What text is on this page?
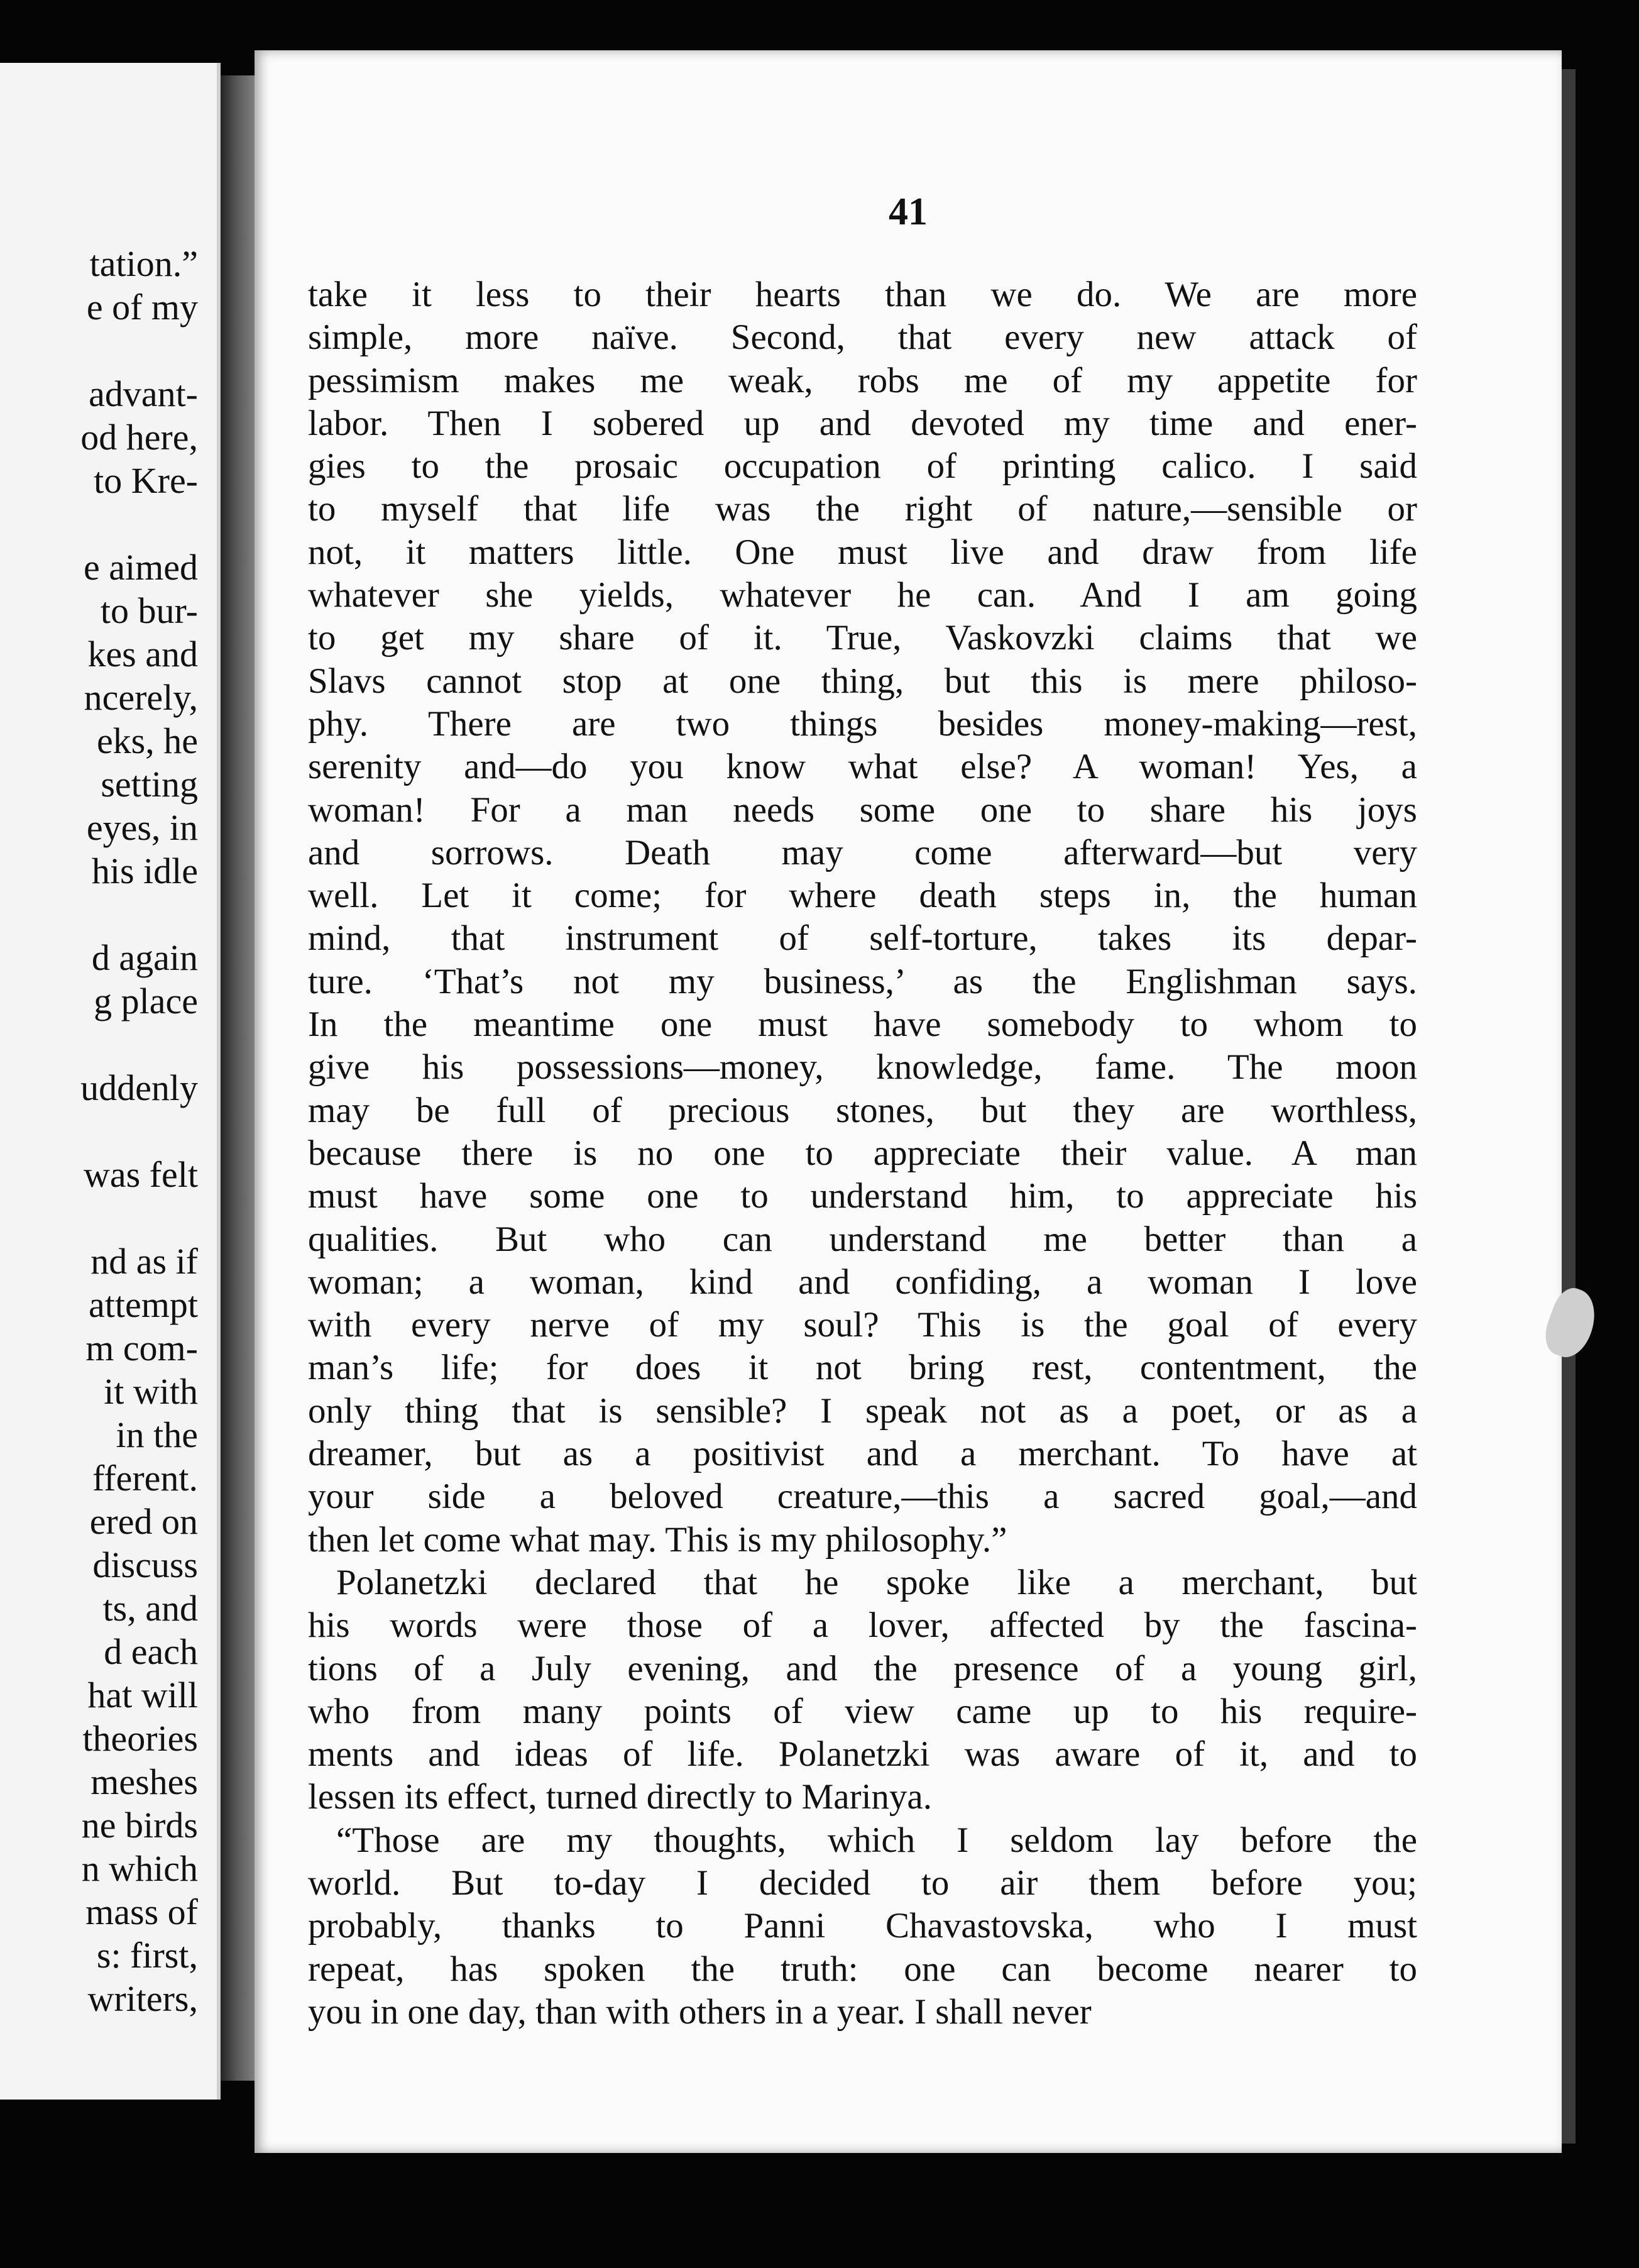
tation.”
e of my
advant-
od here,
to Kre-
e aimed
to bur-
kes and
ncerely,
eks, he
setting
eyes, in
his idle
d again
g place
uddenly
was felt
nd as if
attempt
m com-
it with
in the
fferent.
ered on
discuss
ts, and
d each
hat will
theories
meshes
ne birds
n which
mass of
s: first,
writers,
41
take it less to their hearts than we do. We are more
simple, more naïve. Second, that every new attack of
pessimism makes me weak, robs me of my appetite for
labor. Then I sobered up and devoted my time and ener-
gies to the prosaic occupation of printing calico. I said
to myself that life was the right of nature,—sensible or
not, it matters little. One must live and draw from life
whatever she yields, whatever he can. And I am going
to get my share of it. True, Vaskovzki claims that we
Slavs cannot stop at one thing, but this is mere philoso-
phy. There are two things besides money-making—rest,
serenity and—do you know what else? A woman! Yes, a
woman! For a man needs some one to share his joys
and sorrows. Death may come afterward—but very
well. Let it come; for where death steps in, the human
mind, that instrument of self-torture, takes its depar-
ture. ‘That’s not my business,’ as the Englishman says.
In the meantime one must have somebody to whom to
give his possessions—money, knowledge, fame. The moon
may be full of precious stones, but they are worthless,
because there is no one to appreciate their value. A man
must have some one to understand him, to appreciate his
qualities. But who can understand me better than a
woman; a woman, kind and confiding, a woman I love
with every nerve of my soul? This is the goal of every
man’s life; for does it not bring rest, contentment, the
only thing that is sensible? I speak not as a poet, or as a
dreamer, but as a positivist and a merchant. To have at
your side a beloved creature,—this a sacred goal,—and
then let come what may. This is my philosophy.”
Polanetzki declared that he spoke like a merchant, but
his words were those of a lover, affected by the fascina-
tions of a July evening, and the presence of a young girl,
who from many points of view came up to his require-
ments and ideas of life. Polanetzki was aware of it, and to
lessen its effect, turned directly to Marinya.
“Those are my thoughts, which I seldom lay before the
world. But to-day I decided to air them before you;
probably, thanks to Panni Chavastovska, who I must
repeat, has spoken the truth: one can become nearer to
you in one day, than with others in a year. I shall never
